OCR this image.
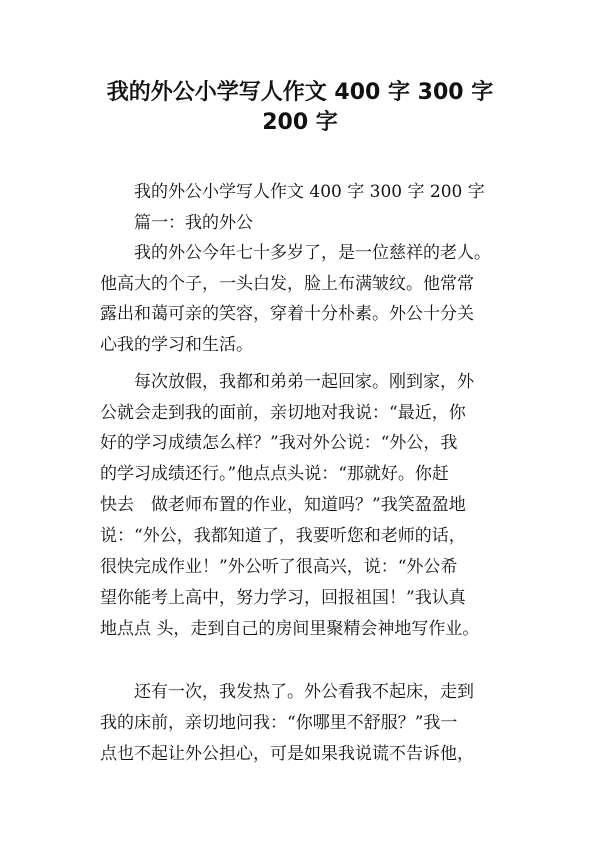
我的外公小学写人作文 400 字 300 字
200 字

我的外公小学写人作文 400 字 300 字 200 字

篇一：我的外公

我的外公今年七十多岁了，是一位慈祥的老人。

他高大的个子，一头白发，脸上布满皱纹。他常常

露出和蔼可亲的笑容，穿着十分朴素。外公十分关

心我的学习和生活。

每次放假，我都和弟弟一起回家。刚到家，外

公就会走到我的面前，亲切地对我说：“最近，你

好的学习成绩怎么样？”我对外公说：“外公，我

的学习成绩还行。”他点点头说：“那就好。你赶

快去　做老师布置的作业，知道吗？”我笑盈盈地

说：“外公，我都知道了，我要听您和老师的话，

很快完成作业！”外公听了很高兴，说：“外公希

望你能考上高中，努力学习，回报祖国！”我认真

地点点 头，走到自己的房间里聚精会神地写作业。

还有一次，我发热了。外公看我不起床，走到

我的床前，亲切地问我：“你哪里不舒服？”我一

点也不起让外公担心，可是如果我说谎不告诉他，
